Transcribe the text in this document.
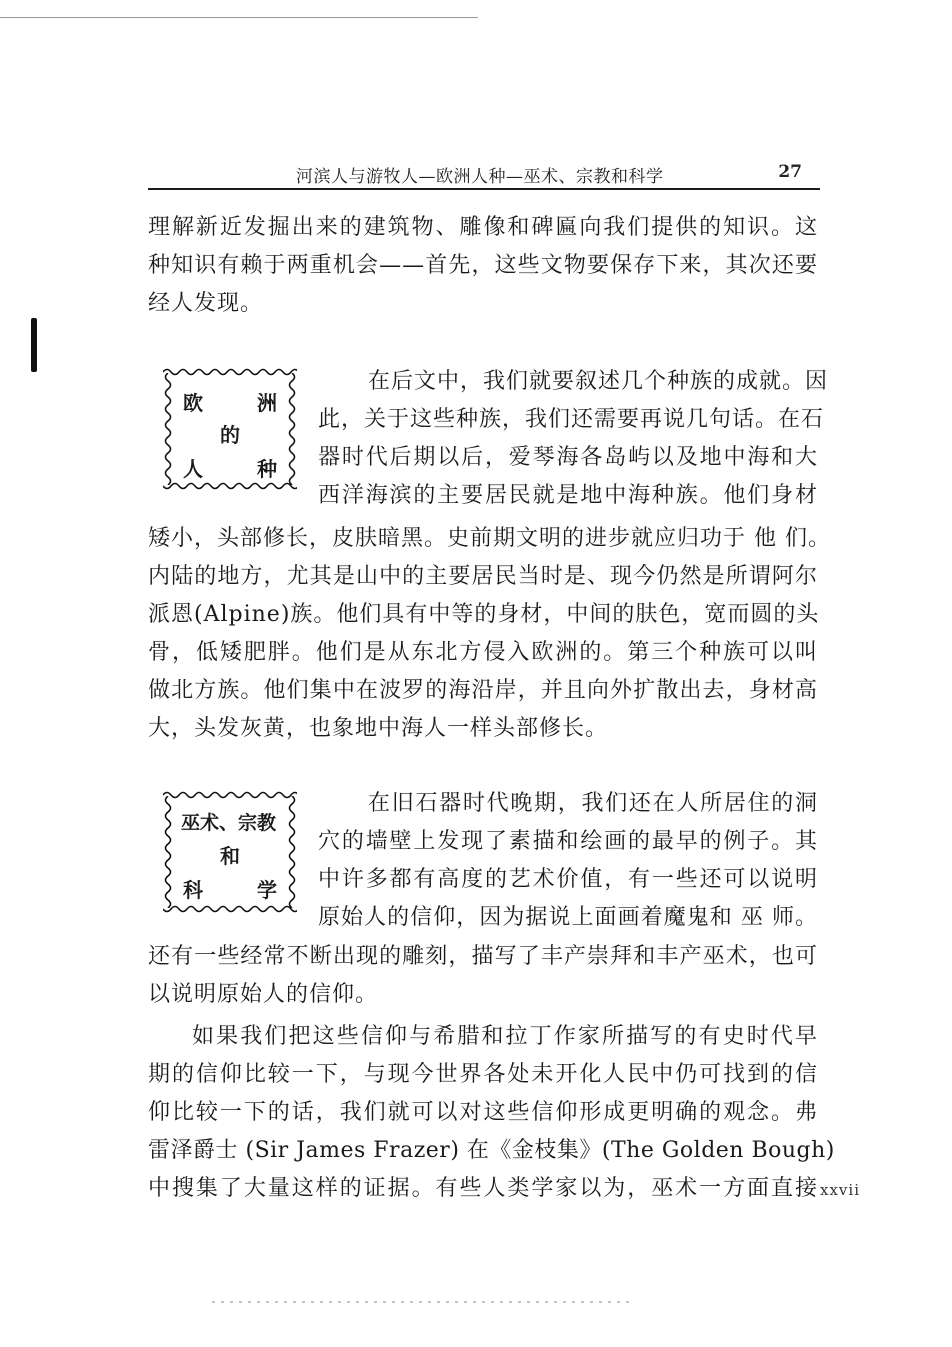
河滨人与游牧人—欧洲人种—巫术、宗教和科学	27
理解新近发掘出来的建筑物、雕像和碑匾向我们提供的知识。这
种知识有赖于两重机会——首先，这些文物要保存下来，其次还要
经人发现。
欧	洲
的
人	种
在后文中，我们就要叙述几个种族的成就。因
此，关于这些种族，我们还需要再说几句话。在石
器时代后期以后，爱琴海各岛屿以及地中海和大
西洋海滨的主要居民就是地中海种族。他们身材
矮小，头部修长，皮肤暗黑。史前期文明的进步就应归功于 他 们。
内陆的地方，尤其是山中的主要居民当时是、现今仍然是所谓阿尔
派恩(Alpine)族。他们具有中等的身材，中间的肤色，宽而圆的头
骨，低矮肥胖。他们是从东北方侵入欧洲的。第三个种族可以叫
做北方族。他们集中在波罗的海沿岸，并且向外扩散出去，身材高
大，头发灰黄，也象地中海人一样头部修长。
巫术、宗教
和
科	学
在旧石器时代晚期，我们还在人所居住的洞
穴的墙壁上发现了素描和绘画的最早的例子。其
中许多都有高度的艺术价值，有一些还可以说明
原始人的信仰，因为据说上面画着魔鬼和 巫 师。
还有一些经常不断出现的雕刻，描写了丰产崇拜和丰产巫术，也可
以说明原始人的信仰。
如果我们把这些信仰与希腊和拉丁作家所描写的有史时代早
期的信仰比较一下，与现今世界各处未开化人民中仍可找到的信
仰比较一下的话，我们就可以对这些信仰形成更明确的观念。弗
雷泽爵士 (Sir James Frazer) 在《金枝集》(The Golden Bough)
中搜集了大量这样的证据。有些人类学家以为，巫术一方面直接 xxvii
